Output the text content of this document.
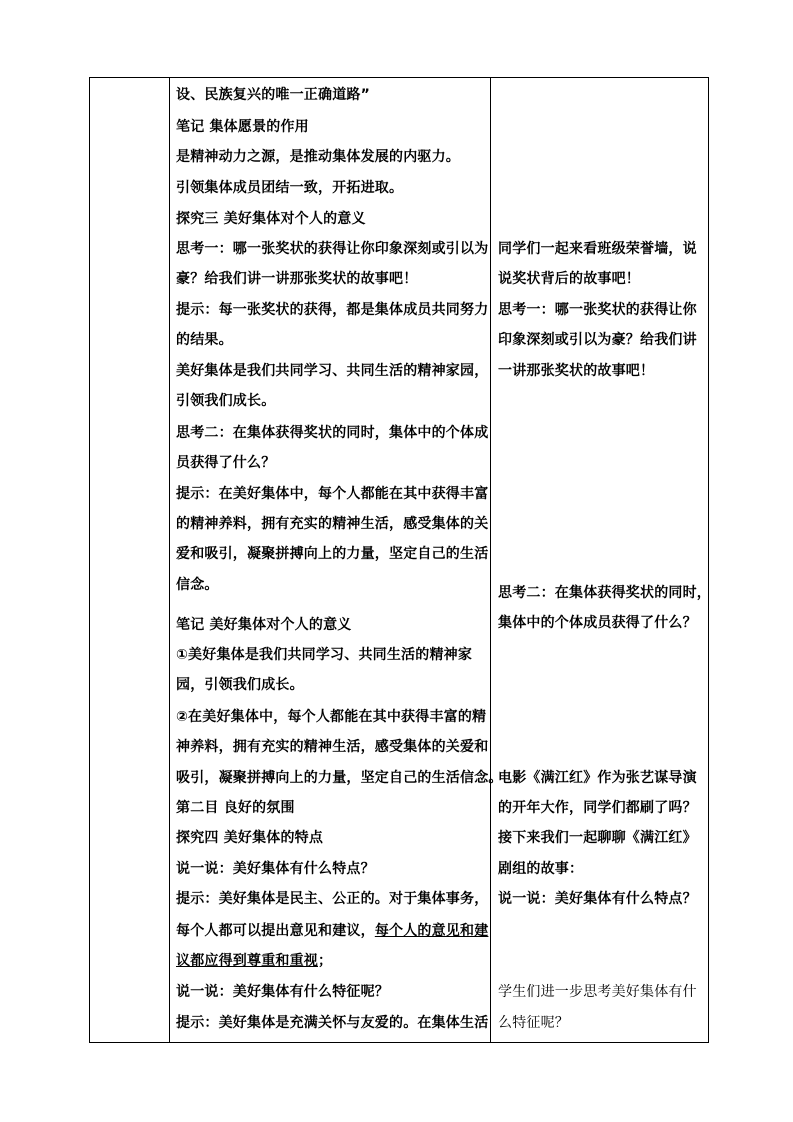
设、民族复兴的唯一正确道路”
笔记 集体愿景的作用
是精神动力之源，是推动集体发展的内驱力。
引领集体成员团结一致，开拓进取。
探究三 美好集体对个人的意义
思考一：哪一张奖状的获得让你印象深刻或引以为
豪？给我们讲一讲那张奖状的故事吧！
提示：每一张奖状的获得，都是集体成员共同努力
的结果。
美好集体是我们共同学习、共同生活的精神家园，
引领我们成长。
思考二：在集体获得奖状的同时，集体中的个体成
员获得了什么？
提示：在美好集体中，每个人都能在其中获得丰富
的精神养料，拥有充实的精神生活，感受集体的关
爱和吸引，凝聚拼搏向上的力量，坚定自己的生活
信念。
笔记 美好集体对个人的意义
①美好集体是我们共同学习、共同生活的精神家
园，引领我们成长。
②在美好集体中，每个人都能在其中获得丰富的精
神养料，拥有充实的精神生活，感受集体的关爱和
吸引，凝聚拼搏向上的力量，坚定自己的生活信念。
第二目 良好的氛围
探究四 美好集体的特点
说一说：美好集体有什么特点？
提示：美好集体是民主、公正的。对于集体事务，
每个人都可以提出意见和建议，每个人的意见和建
议都应得到尊重和重视；
说一说：美好集体有什么特征呢？
提示：美好集体是充满关怀与友爱的。在集体生活
同学们一起来看班级荣誉墙，说
说奖状背后的故事吧！
思考一：哪一张奖状的获得让你
印象深刻或引以为豪？给我们讲
一讲那张奖状的故事吧！
思考二：在集体获得奖状的同时，
集体中的个体成员获得了什么？
电影《满江红》作为张艺谋导演
的开年大作，同学们都刷了吗？
接下来我们一起聊聊《满江红》
剧组的故事：
说一说：美好集体有什么特点？
学生们进一步思考美好集体有什
么特征呢？
